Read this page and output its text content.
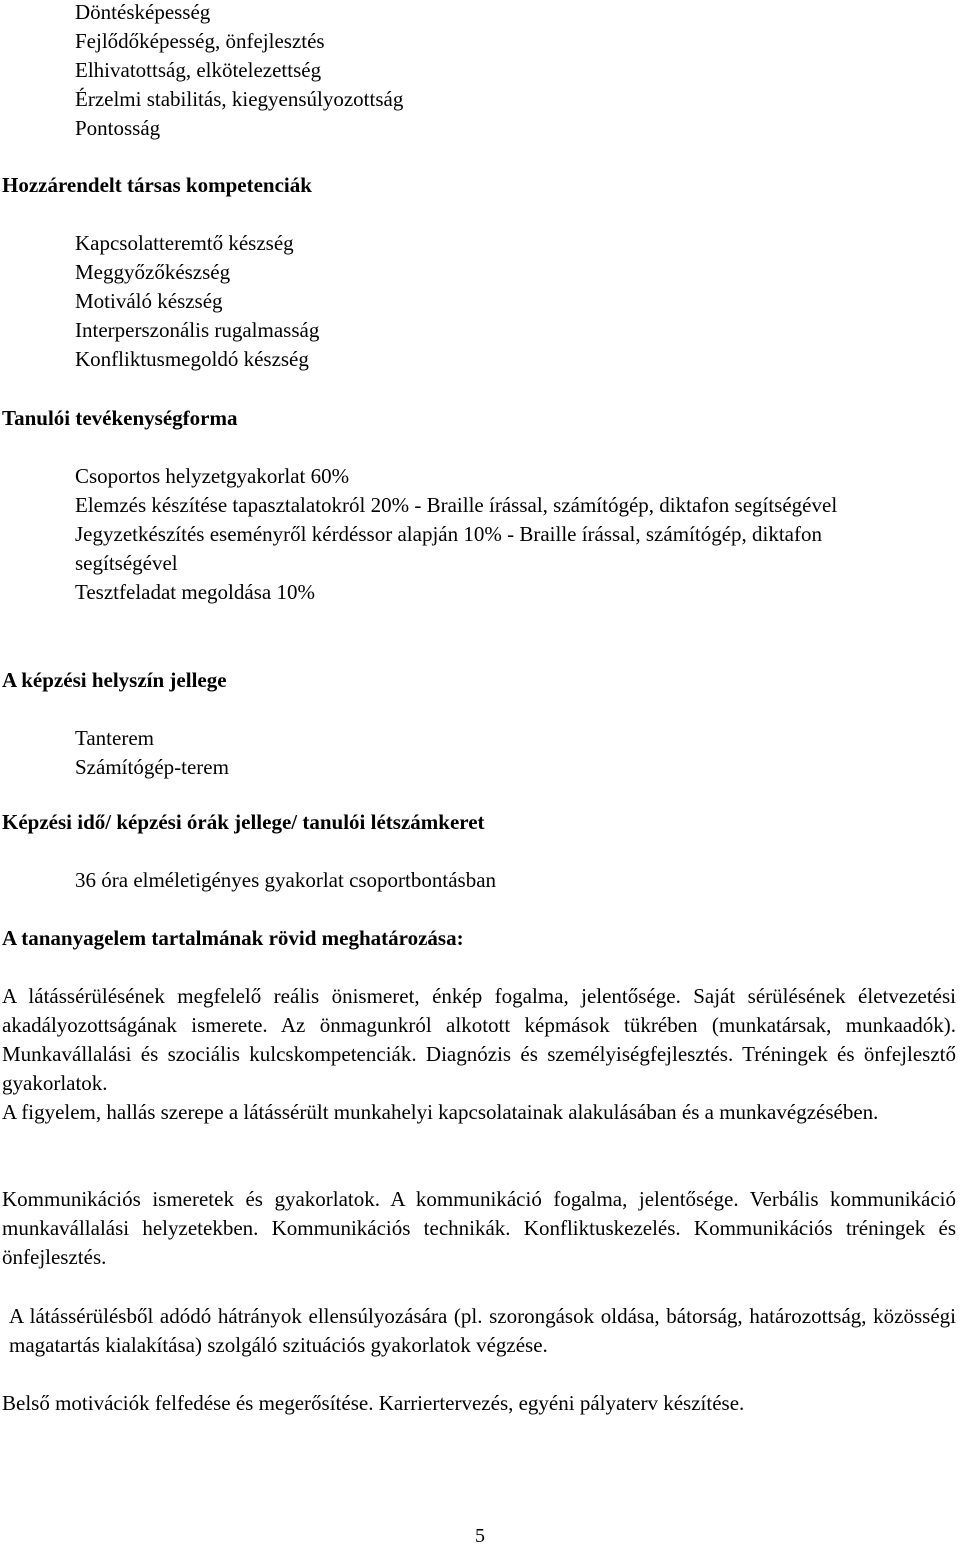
Döntésképesség
Fejlődőképesség, önfejlesztés
Elhivatottság, elkötelezettség
Érzelmi stabilitás, kiegyensúlyozottság
Pontosság
Hozzárendelt társas kompetenciák
Kapcsolatteremtő készség
Meggyőzőkészség
Motiváló készség
Interperszonális rugalmasság
Konfliktusmegoldó készség
Tanulói tevékenységforma
Csoportos helyzetgyakorlat 60%
Elemzés készítése tapasztalatokról 20% - Braille írással, számítógép, diktafon segítségével
Jegyzetkészítés eseményről kérdéssor alapján 10% - Braille írással, számítógép, diktafon segítségével
Tesztfeladat megoldása 10%
A képzési helyszín jellege
Tanterem
Számítógép-terem
Képzési idő/ képzési órák jellege/ tanulói létszámkeret
36 óra elméletigényes gyakorlat csoportbontásban
A tananyagelem tartalmának rövid meghatározása:

A látássérülésének megfelelő reális önismeret, énkép fogalma, jelentősége. Saját sérülésének életvezetési akadályozottságának ismerete. Az önmagunkról alkotott képmások tükrében (munkatársak, munkaadók). Munkavállalási és szociális kulcskompetenciák. Diagnózis és személyiségfejlesztés. Tréningek és önfejlesztő gyakorlatok.

A figyelem, hallás szerepe a látássérült munkahelyi kapcsolatainak alakulásában és a munkavégzésében.

Kommunikációs ismeretek és gyakorlatok. A kommunikáció fogalma, jelentősége. Verbális kommunikáció munkavállalási helyzetekben. Kommunikációs technikák. Konfliktuskezelés. Kommunikációs tréningek és önfejlesztés.

A látássérülésből adódó hátrányok ellensúlyozására (pl. szorongások oldása, bátorság, határozottság, közösségi magatartás kialakítása) szolgáló szituációs gyakorlatok végzése.

Belső motivációk felfedése és megerősítése. Karriertervezés, egyéni pályaterv készítése.

5
